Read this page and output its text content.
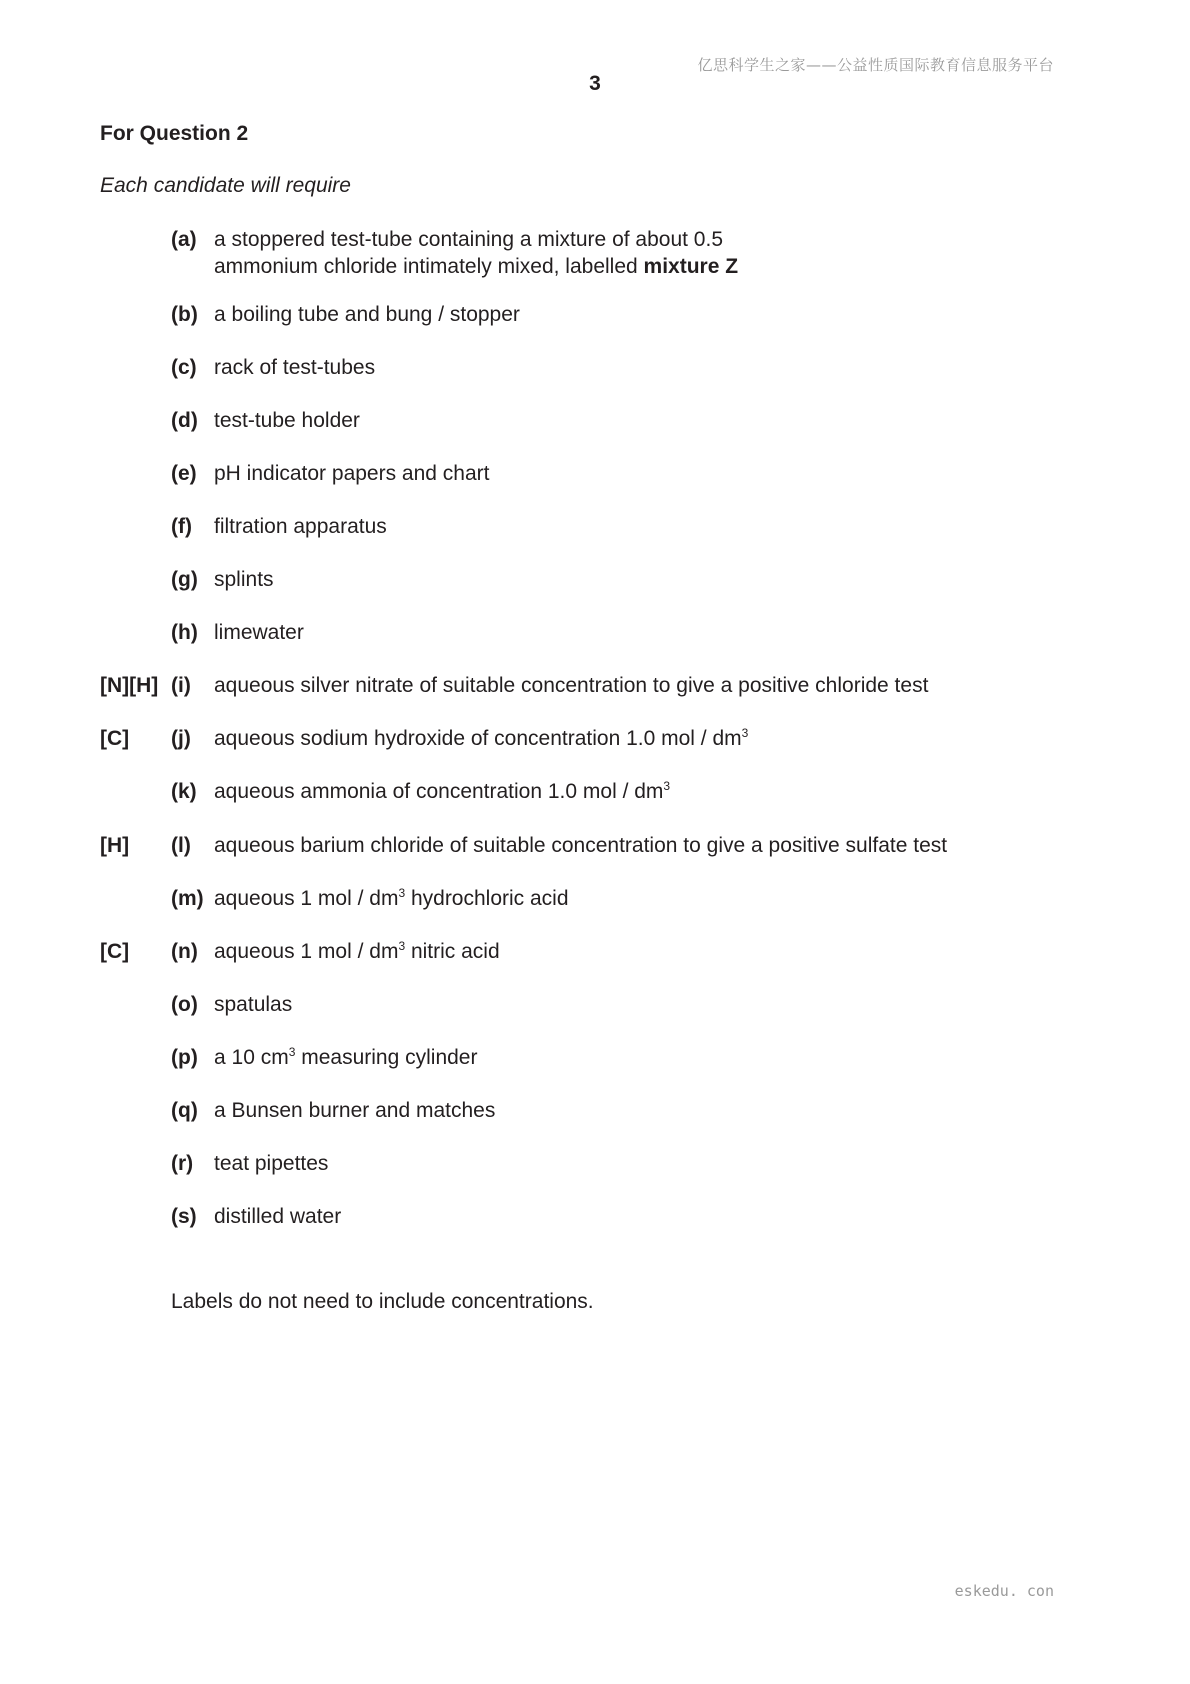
亿思科学生之家——公益性质国际教育信息服务平台
3
For Question 2
Each candidate will require
(a) a stoppered test-tube containing a mixture of about 0.5
ammonium chloride intimately mixed, labelled mixture Z
(b) a boiling tube and bung / stopper
(c) rack of test-tubes
(d) test-tube holder
(e) pH indicator papers and chart
(f) filtration apparatus
(g) splints
(h) limewater
[N][H] (i) aqueous silver nitrate of suitable concentration to give a positive chloride test
[C] (j) aqueous sodium hydroxide of concentration 1.0 mol / $dm^3$
(k) aqueous ammonia of concentration 1.0 mol / $dm^3$
[H] (l) aqueous barium chloride of suitable concentration to give a positive sulfate test
(m) aqueous 1 mol / $dm^3$ hydrochloric acid
[C] (n) aqueous 1 mol / $dm^3$ nitric acid
(o) spatulas
(p) a 10 $cm^3$ measuring cylinder
(q) a Bunsen burner and matches
(r) teat pipettes
(s) distilled water
Labels do not need to include concentrations.
eskedu. con
